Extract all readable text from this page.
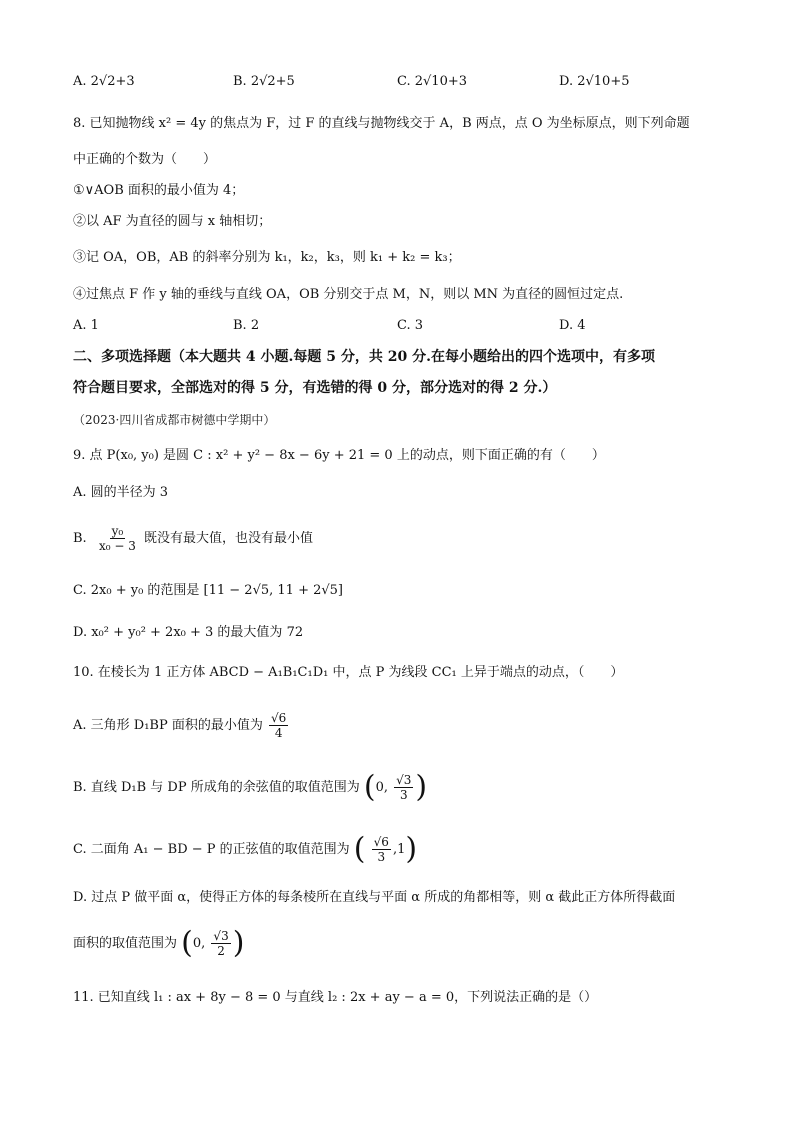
A. 2√2+3	B. 2√2+5	C. 2√10+3	D. 2√10+5
8. 已知抛物线 x² = 4y 的焦点为 F，过 F 的直线与抛物线交于 A，B 两点，点 O 为坐标原点，则下列命题
中正确的个数为（　　）
①∨AOB 面积的最小值为 4；
②以 AF 为直径的圆与 x 轴相切；
③记 OA，OB，AB 的斜率分别为 k₁，k₂，k₃，则 k₁ + k₂ = k₃；
④过焦点 F 作 y 轴的垂线与直线 OA，OB 分别交于点 M，N，则以 MN 为直径的圆恒过定点.
A. 1	B. 2	C. 3	D. 4
二、多项选择题（本大题共 4 小题.每题 5 分，共 20 分.在每小题给出的四个选项中，有多项
符合题目要求，全部选对的得 5 分，有选错的得 0 分，部分选对的得 2 分.）
（2023·四川省成都市树德中学期中）
9. 点 P(x₀, y₀) 是圆 C : x² + y² − 8x − 6y + 21 = 0 上的动点，则下面正确的有（　　）
A. 圆的半径为 3
B. $\frac{\text{y₀}}{\text{x₀ − 3}}$ 既没有最大值，也没有最小值
C. 2x₀ + y₀ 的范围是 [11 − 2√5, 11 + 2√5]
D. x₀² + y₀² + 2x₀ + 3 的最大值为 72
10. 在棱长为 1 正方体 ABCD − A₁B₁C₁D₁ 中，点 P 为线段 CC₁ 上异于端点的动点，（　　）
A. 三角形 D₁BP 面积的最小值为 $\frac{√6}{4}$
B. 直线 D₁B 与 DP 所成角的余弦值的取值范围为 (0, $\frac{√3}{3}$ )
C. 二面角 A₁ − BD − P 的正弦值的取值范围为 ( $\frac{√6}{3} ,1$)
D. 过点 P 做平面 α，使得正方体的每条棱所在直线与平面 α 所成的角都相等，则 α 截此正方体所得截面
面积的取值范围为 (0, $\frac{√3}{2}$ )
11. 已知直线 l₁ : ax + 8y − 8 = 0 与直线 l₂ : 2x + ay − a = 0，下列说法正确的是（）
